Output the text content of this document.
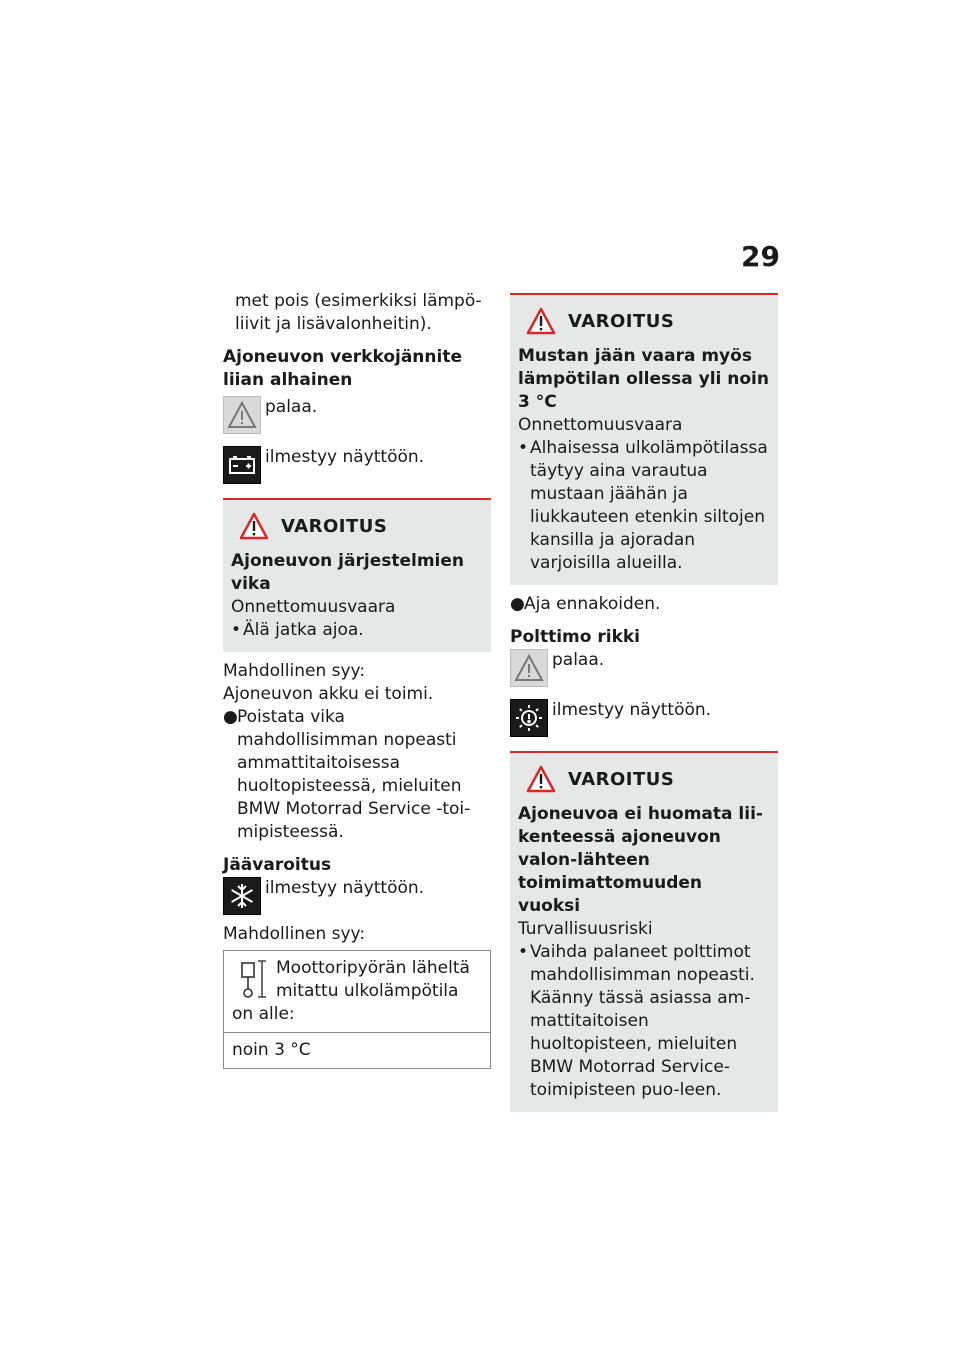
29

met pois (esimerkiksi lämpö-

liivit ja lisävalonheitin).

Ajoneuvon verkkojännite liian alhainen
palaa.
ilmestyy näyttöön.
VAROITUS
Ajoneuvon järjestelmien vika

Onnettomuusvaara

• Älä jatka ajoa.

Mahdollinen syy:

Ajoneuvon akku ei toimi.

● Poistata vika mahdollisimman nopeasti ammattitaitoisessa huoltopisteessä, mieluiten BMW Motorrad Service -toi-mipisteessä.
Jäävaroitus
ilmestyy näyttöön.

Mahdollinen syy:

Moottoripyörän läheltä mitattu ulkolämpötila on alle:
noin 3 °C
VAROITUS
Mustan jään vaara myös lämpötilan ollessa yli noin 3 °C

Onnettomuusvaara

• Alhaisessa ulkolämpötilassa täytyy aina varautua mustaan jäähän ja liukkauteen etenkin siltojen kansilla ja ajoradan varjoisilla alueilla.
● Aja ennakoiden.
Polttimo rikki
palaa.
ilmestyy näyttöön.
VAROITUS
Ajoneuvoa ei huomata lii-kenteessä ajoneuvon valon-lähteen toimimattomuuden vuoksi

Turvallisuusriski

• Vaihda palaneet polttimot mahdollisimman nopeasti. Käänny tässä asiassa am-mattitaitoisen huoltopisteen, mieluiten BMW Motorrad Service-toimipisteen puo-leen.
